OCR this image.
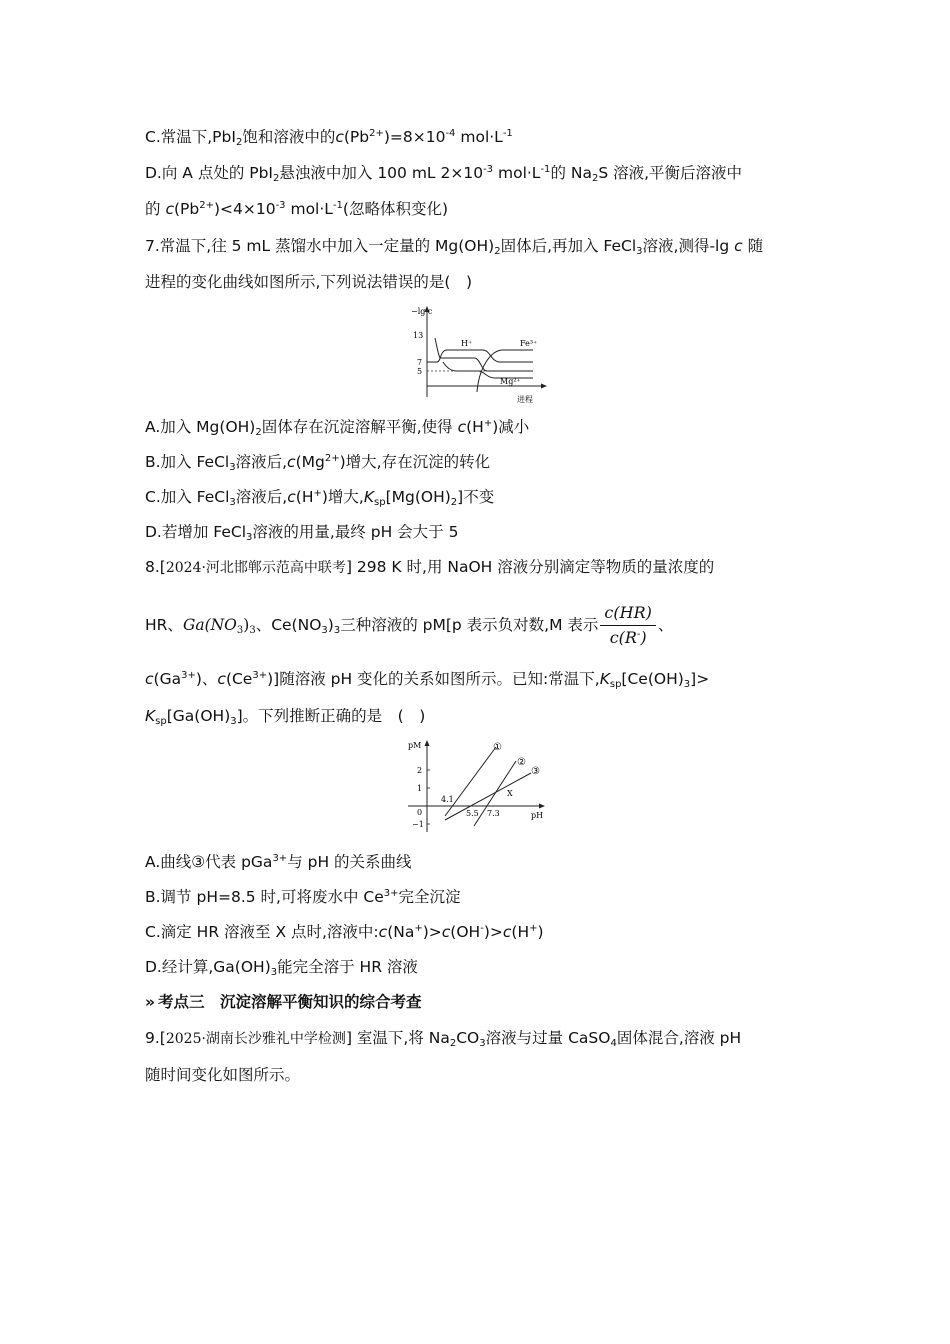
C.常温下,PbI$_2$饱和溶液中的$c(Pb^{2+})=8\times 10^{-4}$ $mol\cdot L^{-1}$
D.向 A 点处的 PbI$_2$悬浊液中加入 100 mL $2\times 10^{-3}$ $mol\cdot L^{-1}$的 $Na_2S$ 溶液,平衡后溶液中
的 $c(Pb^{2+})<4\times 10^{-3}$ $mol\cdot L^{-1}$(忽略体积变化)
7.常温下,往 5 mL 蒸馏水中加入一定量的 $Mg(OH)_2$固体后,再加入 FeCl$_3$溶液,测得-lg c 随
进程的变化曲线如图所示,下列说法错误的是(　)
−lg c
进程
13
7
5
H⁺	Fe³⁺
Mg²⁺
A.加入 $Mg(OH)_2$固体存在沉淀溶解平衡,使得 c(H+)减小
B.加入 FeCl$_3$溶液后$,c(Mg^{2+})$增大,存在沉淀的转化
C.加入 FeCl$_3$溶液后,c(H+)增大$,K_{sp}[Mg(OH)_2]$不变
D.若增加 FeCl$_3$溶液的用量,最终 pH 会大于 5
8.[2024·河北邯郸示范高中联考] 298 K 时,用 NaOH 溶液分别滴定等物质的量浓度的
HR、$Ga(NO_3)_3$、$Ce(NO_3)_3$三种溶液的 pM[p 表示负对数,M 表示 $\frac{c(HR)}{c(R^-)}$ 、
$c(Ga^{3+})$、$c(Ce^{3+})$]随溶液 pH 变化的关系如图所示。已知:常温下$,K_{sp}[Ce(OH)_3]>$
$K_{sp}[Ga(OH)_3]$。下列推断正确的是　(　)
pM
pH
2
1
0
−1
4.1
5.5 7.3
X
①
②
③
A.曲线③代表 pGa$^{3+}$与 pH 的关系曲线
B.调节 pH=8.5 时,可将废水中 $Ce^{3+}$完全沉淀
C.滴定 HR 溶液至 X 点时,溶液中:c(Na+)>c(OH-)>c(H+)
D.经计算$,Ga(OH)_3$能完全溶于 HR 溶液
» 考点三　沉淀溶解平衡知识的综合考查
9.[2025·湖南长沙雅礼中学检测] 室温下,将 $Na_2CO_3$溶液与过量 CaSO$_4$固体混合,溶液 pH
随时间变化如图所示。
